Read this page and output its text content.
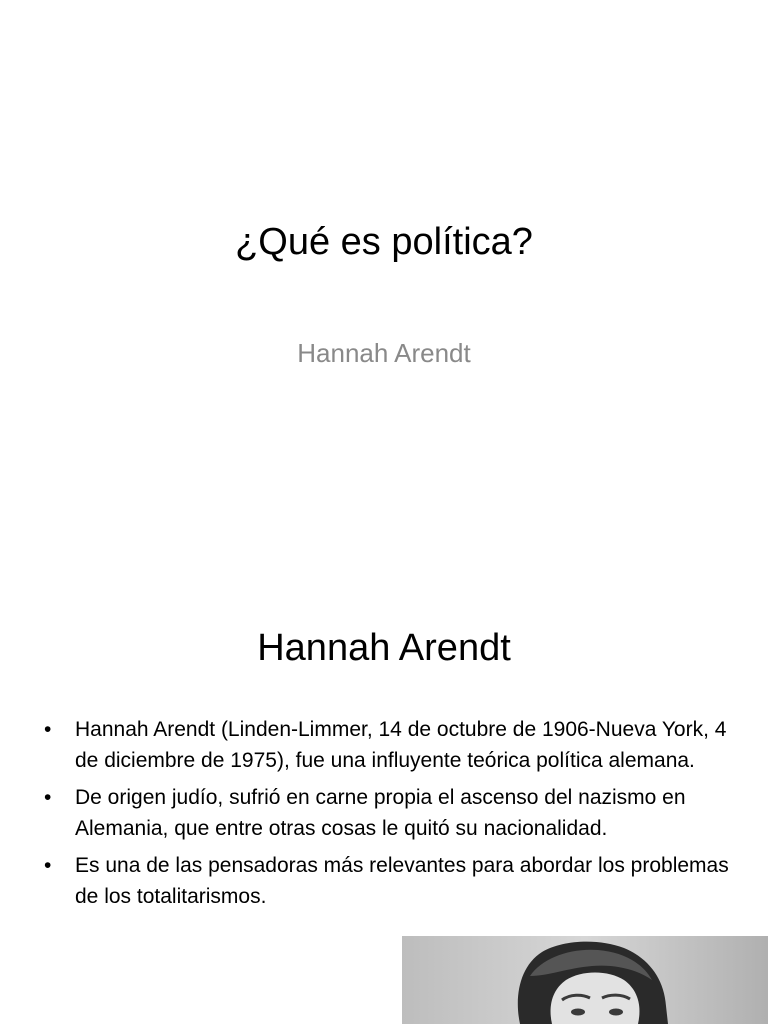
¿Qué es política?
Hannah Arendt
Hannah Arendt
• Hannah Arendt (Linden-Limmer, 14 de octubre de 1906-Nueva York, 4 de diciembre de 1975), fue una influyente teórica política alemana.
• De origen judío, sufrió en carne propia el ascenso del nazismo en Alemania, que entre otras cosas le quitó su nacionalidad.
• Es una de las pensadoras más relevantes para abordar los problemas de los totalitarismos.
